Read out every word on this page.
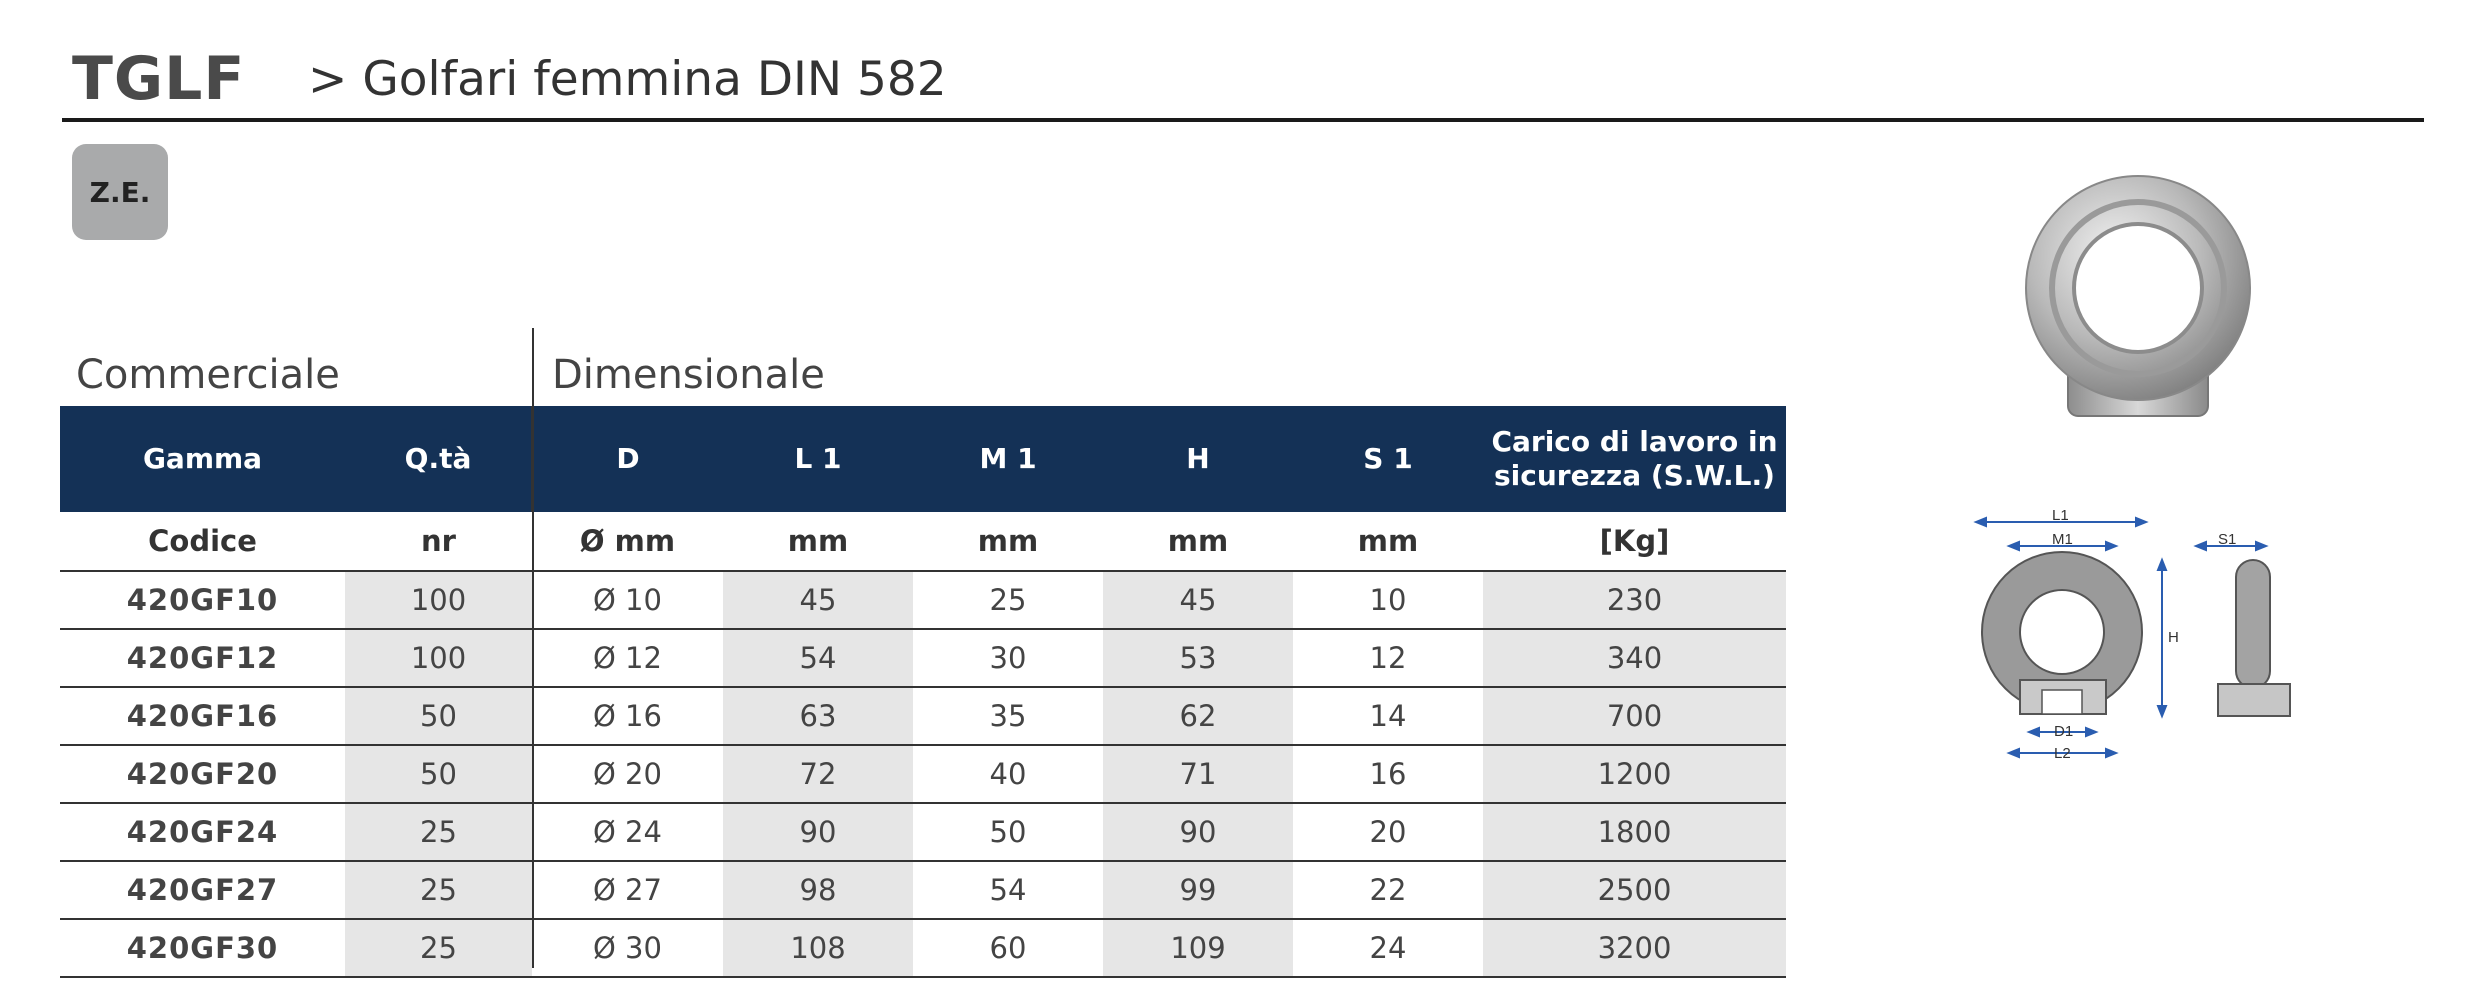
TGLF > Golfari femmina DIN 582
Z.E.
Commerciale	Dimensionale
Gamma	Q.tà	D	L 1	M 1	H	S 1	Carico di lavoro in sicurezza (S.W.L.)
Codice	nr	Ø mm	mm	mm	mm	mm	[Kg]
420GF10	100	Ø 10	45	25	45	10	230
420GF12	100	Ø 12	54	30	53	12	340
420GF16	50	Ø 16	63	35	62	14	700
420GF20	50	Ø 20	72	40	71	16	1200
420GF24	25	Ø 24	90	50	90	20	1800
420GF27	25	Ø 27	98	54	99	22	2500
420GF30	25	Ø 30	108	60	109	24	3200
L1
M1	S1
H
D1
L2
